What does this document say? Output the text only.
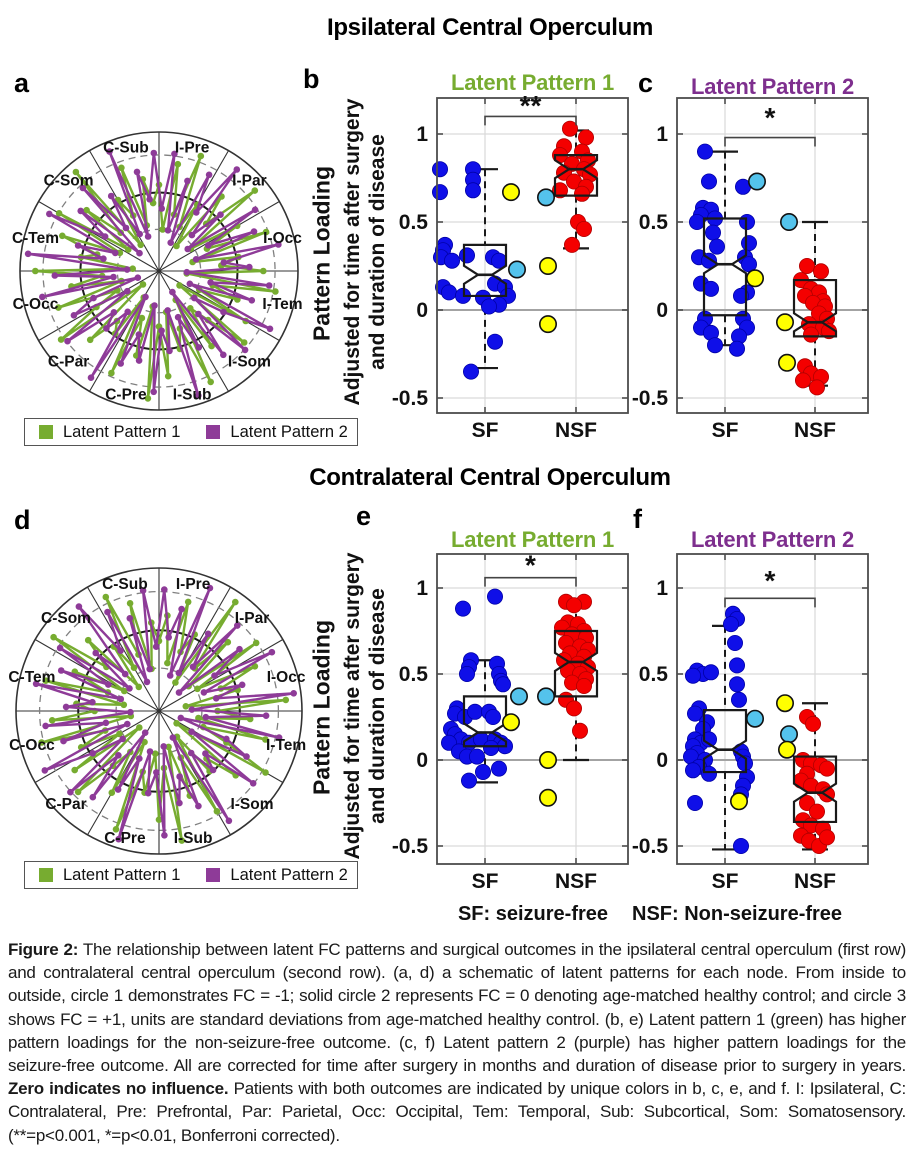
Ipsilateral Central Operculum
Contralateral Central Operculum
a	b	c
d	e	f
Latent Pattern 1	Latent Pattern 2
Latent Pattern 1	Latent Pattern 2
Pattern Loading Adjusted for time after surgery and duration of disease
Pattern Loading Adjusted for time after surgery and duration of disease
I-Pre
I-Par
I-Occ
I-Tem
I-Som
I-Sub
C-Pre
C-Par
C-Occ
C-Tem
C-Som
C-Sub
I-Pre
I-Par
I-Occ
I-Tem
I-Som
I-Sub
C-Pre
C-Par
C-Occ
C-Tem
C-Som
C-Sub
1
0.5
0
-0.5
SF	NSF
**
1
0.5
0
-0.5
SF	NSF
*
1
0.5
0
-0.5
SF	NSF
*
1
0.5
0
-0.5
SF	NSF
*
Latent Pattern 1	Latent Pattern 2
Latent Pattern 1	Latent Pattern 2
SF: seizure-free NSF: Non-seizure-free
Figure 2: The relationship between latent FC patterns and surgical outcomes in the ipsilateral central operculum (first row) and contralateral central operculum (second row). (a, d) a schematic of latent patterns for each node. From inside to outside, circle 1 demonstrates FC = -1; solid circle 2 represents FC = 0 denoting age-matched healthy control; and circle 3 shows FC = +1, units are standard deviations from age-matched healthy control. (b, e) Latent pattern 1 (green) has higher pattern loadings for the non-seizure-free outcome. (c, f) Latent pattern 2 (purple) has higher pattern loadings for the seizure-free outcome. All are corrected for time after surgery in months and duration of disease prior to surgery in years. Zero indicates no influence. Patients with both outcomes are indicated by unique colors in b, c, e, and f. I: Ipsilateral, C: Contralateral, Pre: Prefrontal, Par: Parietal, Occ: Occipital, Tem: Temporal, Sub: Subcortical, Som: Somatosensory. (**=p<0.001, *=p<0.01, Bonferroni corrected).
